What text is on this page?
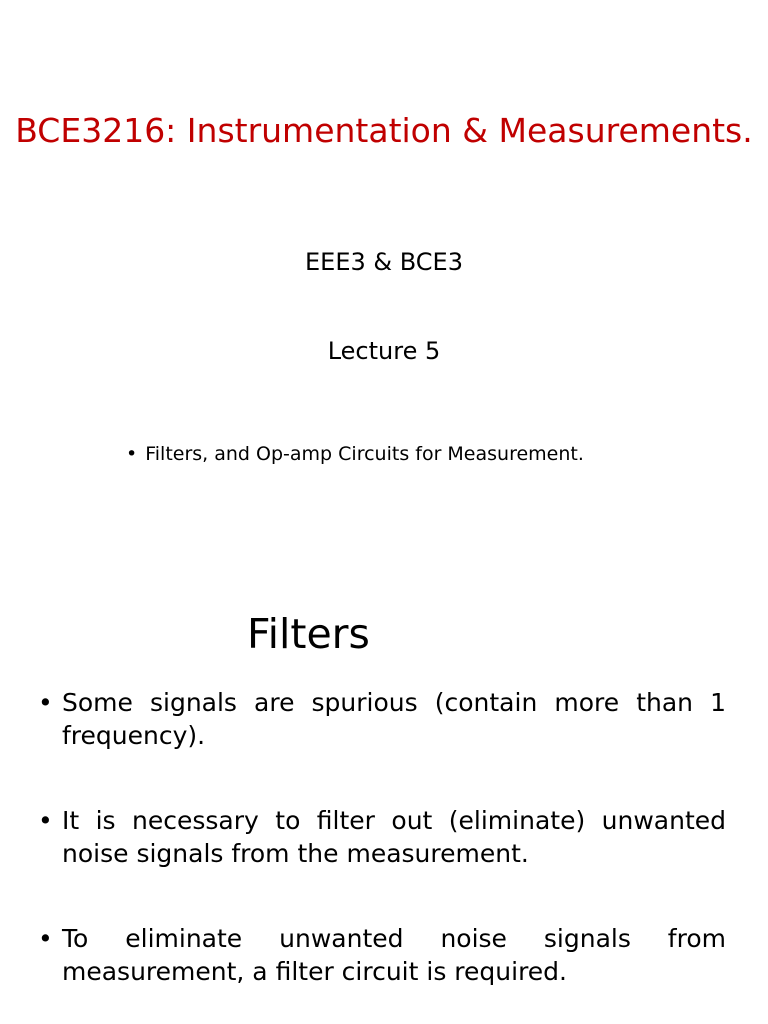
BCE3216: Instrumentation & Measurements.
EEE3 & BCE3
Lecture 5
• Filters, and Op-amp Circuits for Measurement.
Filters
• Some signals are spurious (contain more than 1 frequency).
• It is necessary to filter out (eliminate) unwanted noise signals from the measurement.
• To eliminate unwanted noise signals from measurement, a filter circuit is required.
